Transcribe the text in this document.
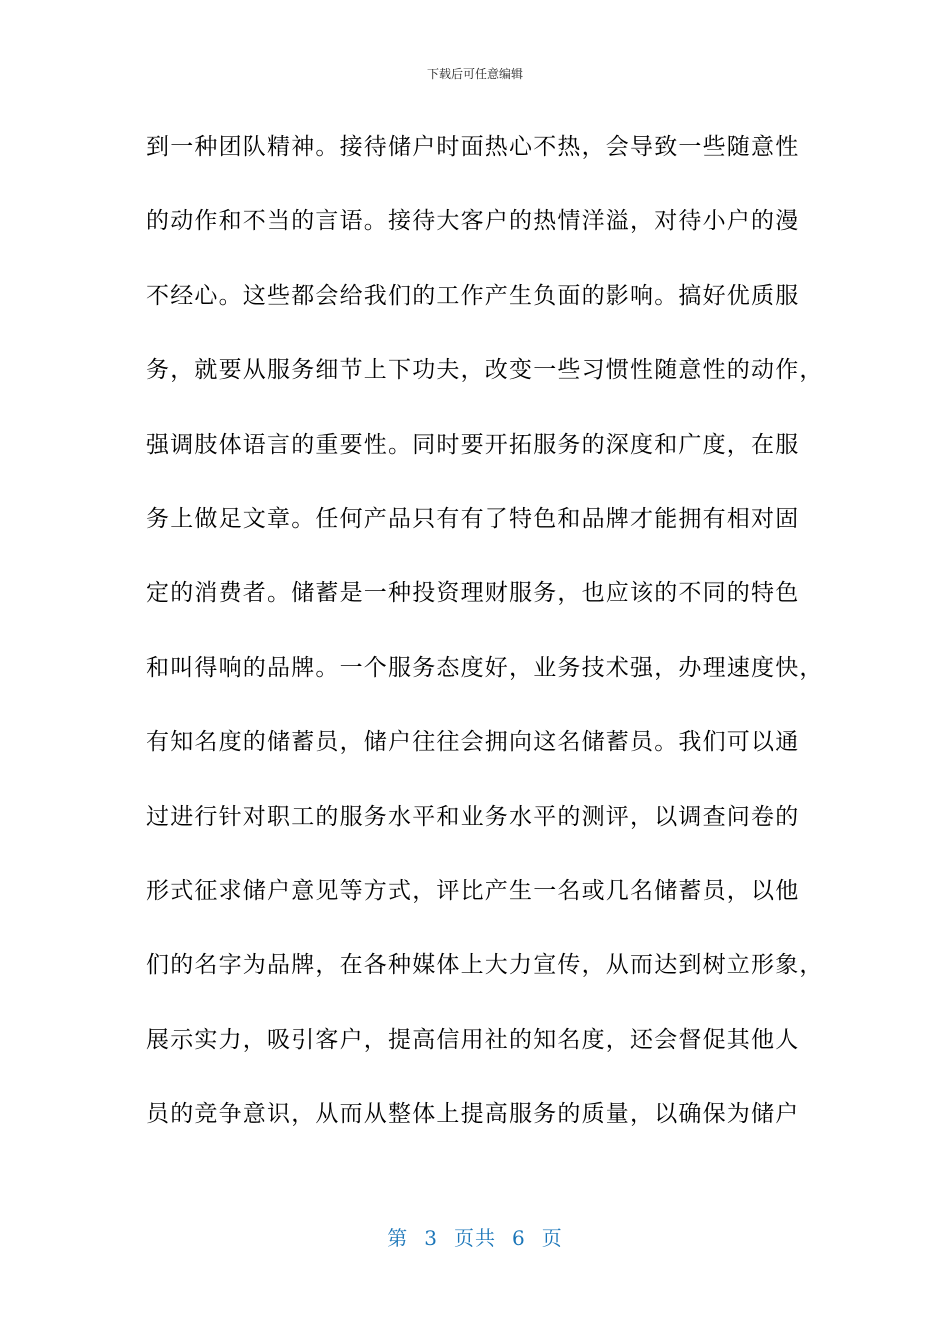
下载后可任意编辑
到一种团队精神。接待储户时面热心不热，会导致一些随意性
的动作和不当的言语。接待大客户的热情洋溢，对待小户的漫
不经心。这些都会给我们的工作产生负面的影响。搞好优质服
务，就要从服务细节上下功夫，改变一些习惯性随意性的动作，
强调肢体语言的重要性。同时要开拓服务的深度和广度，在服
务上做足文章。任何产品只有有了特色和品牌才能拥有相对固
定的消费者。储蓄是一种投资理财服务，也应该的不同的特色
和叫得响的品牌。一个服务态度好，业务技术强，办理速度快，
有知名度的储蓄员，储户往往会拥向这名储蓄员。我们可以通
过进行针对职工的服务水平和业务水平的测评，以调查问卷的
形式征求储户意见等方式，评比产生一名或几名储蓄员，以他
们的名字为品牌，在各种媒体上大力宣传，从而达到树立形象，
展示实力，吸引客户，提高信用社的知名度，还会督促其他人
员的竞争意识，从而从整体上提高服务的质量，以确保为储户
第 3 页共 6 页
